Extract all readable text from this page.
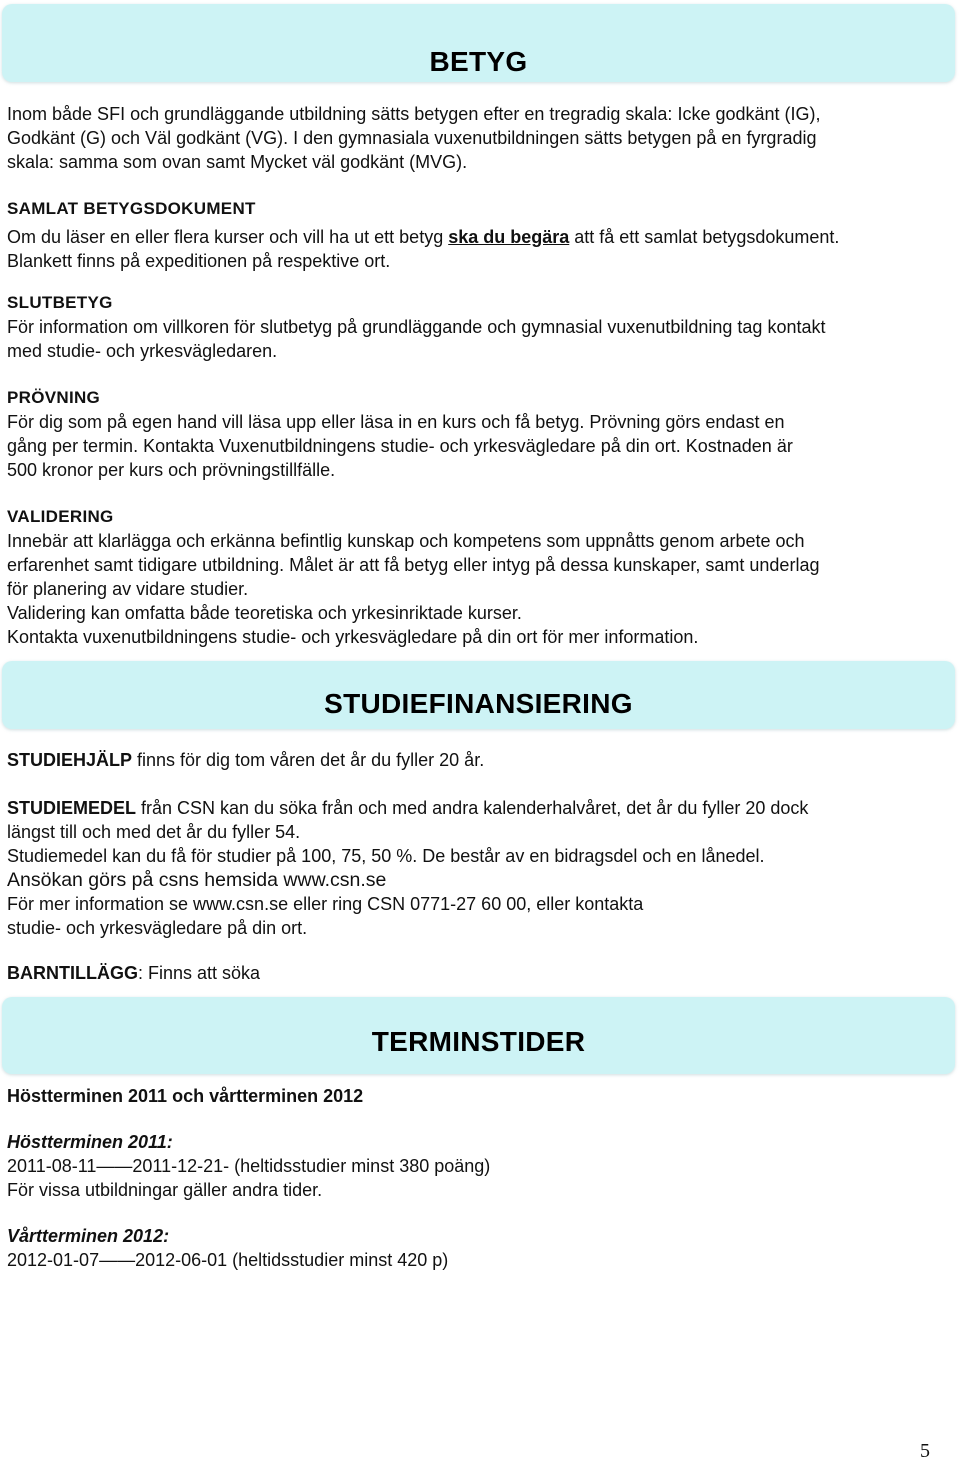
BETYG

Inom både SFI och grundläggande utbildning sätts betygen efter en tregradig skala: Icke godkänt (IG),

Godkänt (G) och Väl godkänt (VG). I den gymnasiala vuxenutbildningen sätts betygen på en fyrgradig

skala: samma som ovan samt Mycket väl godkänt (MVG).

SAMLAT BETYGSDOKUMENT

Om du läser en eller flera kurser och vill ha ut ett betyg ska du begära att få ett samlat betygsdokument.

Blankett finns på expeditionen på respektive ort.

SLUTBETYG

För information om villkoren för slutbetyg på grundläggande och gymnasial vuxenutbildning tag kontakt

med studie- och yrkesvägledaren.

PRÖVNING

För dig som på egen hand vill läsa upp eller läsa in en kurs och få betyg. Prövning görs endast en

gång per termin. Kontakta Vuxenutbildningens studie- och yrkesvägledare på din ort. Kostnaden är

500 kronor per kurs och prövningstillfälle.

VALIDERING

Innebär att klarlägga och erkänna befintlig kunskap och kompetens som uppnåtts genom arbete och

erfarenhet samt tidigare utbildning. Målet är att få betyg eller intyg på dessa kunskaper, samt underlag

för planering av vidare studier.

Validering kan omfatta både teoretiska och yrkesinriktade kurser.

Kontakta vuxenutbildningens studie- och yrkesvägledare på din ort för mer information.

STUDIEFINANSIERING

STUDIEHJÄLP finns för dig tom våren det år du fyller 20 år.

STUDIEMEDEL från CSN kan du söka från och med andra kalenderhalvåret, det år du fyller 20 dock

längst till och med det år du fyller 54.

Studiemedel kan du få för studier på 100, 75, 50 %. De består av en bidragsdel och en lånedel.

Ansökan görs på csns hemsida www.csn.se

För mer information se www.csn.se eller ring CSN 0771-27 60 00, eller kontakta

studie- och yrkesvägledare på din ort.

BARNTILLÄGG: Finns att söka

TERMINSTIDER

Höstterminen 2011 och vårtterminen 2012

Höstterminen 2011:

2011-08-11——2011-12-21- (heltidsstudier minst 380 poäng)

För vissa utbildningar gäller andra tider.

Vårtterminen 2012:

2012-01-07——2012-06-01 (heltidsstudier minst 420 p)

5
